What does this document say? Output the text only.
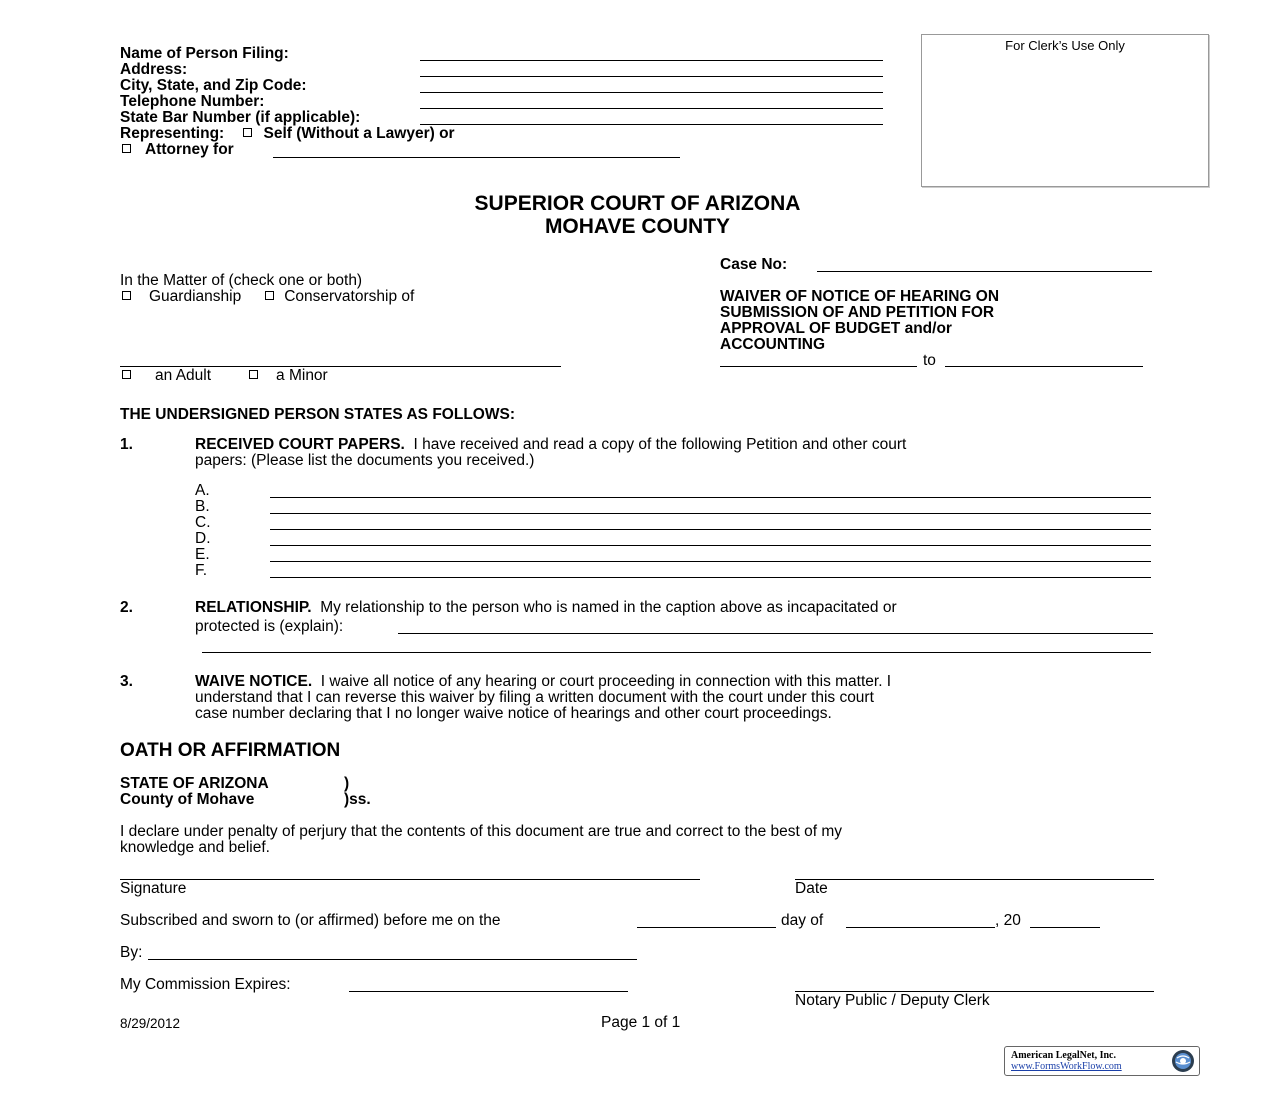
For Clerk’s Use Only
Name of Person Filing:
Address:
City, State, and Zip Code:
Telephone Number:
State Bar Number (if applicable):
Representing:	Self (Without a Lawyer) or
Attorney for
SUPERIOR COURT OF ARIZONA
MOHAVE COUNTY
Case No:
In the Matter of (check one or both)
Guardianship	Conservatorship of	WAIVER OF NOTICE OF HEARING ON
SUBMISSION OF AND PETITION FOR
APPROVAL OF BUDGET and/or
ACCOUNTING
to
an Adult	a Minor
THE UNDERSIGNED PERSON STATES AS FOLLOWS:
1.	RECEIVED COURT PAPERS. I have received and read a copy of the following Petition and other court
papers: (Please list the documents you received.)
A.
B.
C.
D.
E.
F.
2.	RELATIONSHIP. My relationship to the person who is named in the caption above as incapacitated or
protected is (explain):
3.	WAIVE NOTICE. I waive all notice of any hearing or court proceeding in connection with this matter. I
understand that I can reverse this waiver by filing a written document with the court under this court
case number declaring that I no longer waive notice of hearings and other court proceedings.
OATH OR AFFIRMATION
STATE OF ARIZONA	)
County of Mohave	)ss.
I declare under penalty of perjury that the contents of this document are true and correct to the best of my
knowledge and belief.
Signature	Date
Subscribed and sworn to (or affirmed) before me on the	day of	, 20
By:
My Commission Expires:
Notary Public / Deputy Clerk
8/29/2012	Page 1 of 1
American LegalNet, Inc.
www.FormsWorkFlow.com
